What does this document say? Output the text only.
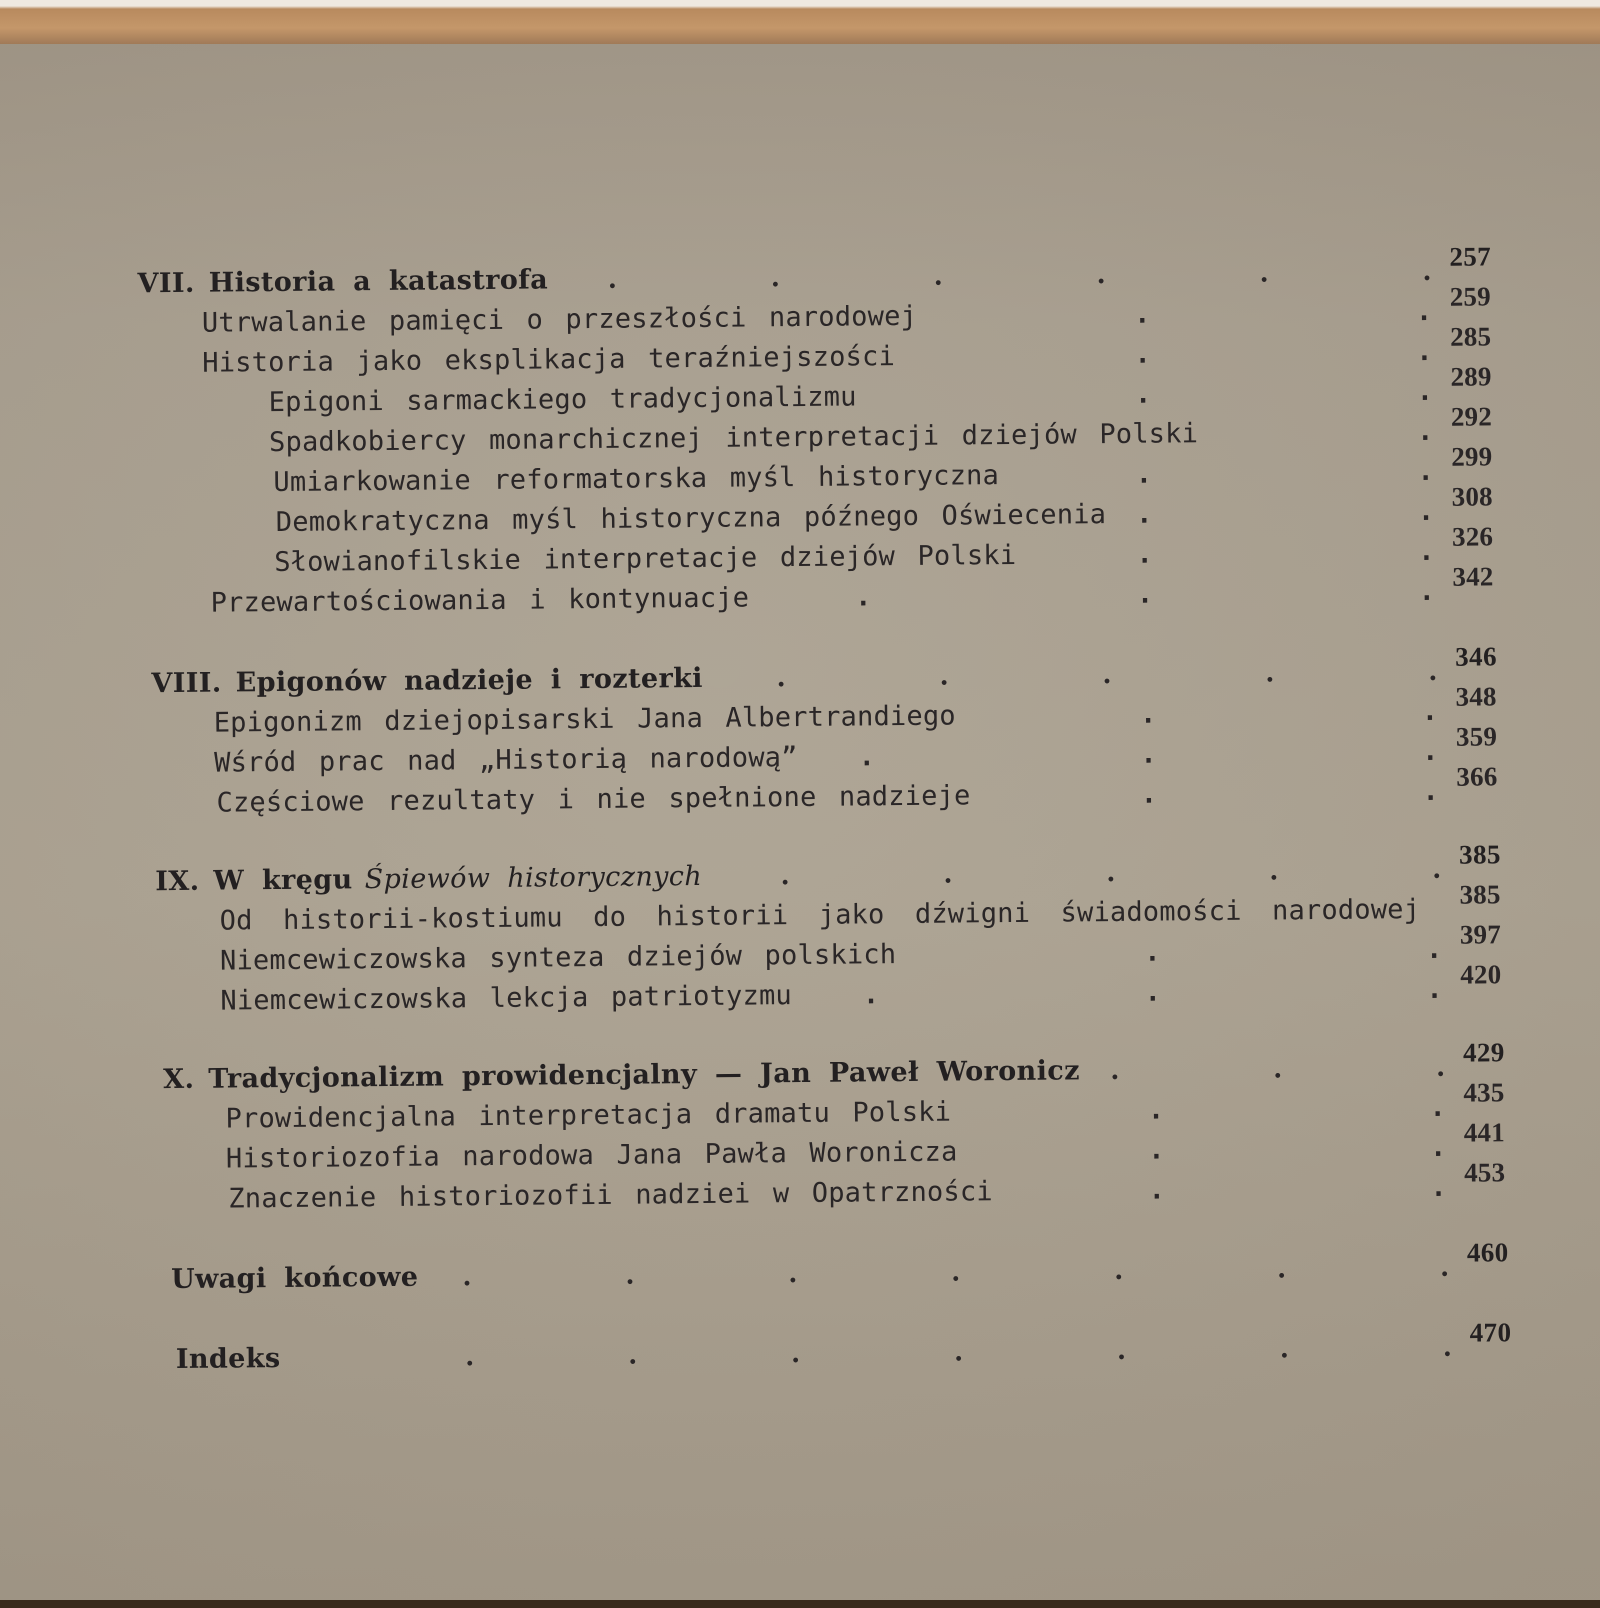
VII. Historia a katastrofa
.
257
Utrwalanie pamięci o przeszłości narodowej
.
259
Historia jako eksplikacja teraźniejszości
.
285
Epigoni sarmackiego tradycjonalizmu
.
289
Spadkobiercy monarchicznej interpretacji dziejów Polski
.
292
Umiarkowanie reformatorska myśl historyczna
.
299
Demokratyczna myśl historyczna późnego Oświecenia
.
308
Słowianofilskie interpretacje dziejów Polski
.
326
Przewartościowania i kontynuacje
.
342
VIII. Epigonów nadzieje i rozterki
.
346
Epigonizm dziejopisarski Jana Albertrandiego
.
348
Wśród prac nad „Historią narodową”
.
359
Częściowe rezultaty i nie spełnione nadzieje
.
366
IX. W kręgu Śpiewów historycznych
.
385
Od historii-kostiumu do historii jako dźwigni świadomości narodowej	385
Niemcewiczowska synteza dziejów polskich
.
397
Niemcewiczowska lekcja patriotyzmu
.
420
X. Tradycjonalizm prowidencjalny — Jan Paweł Woronicz
.
429
Prowidencjalna interpretacja dramatu Polski
.
435
Historiozofia narodowa Jana Pawła Woronicza
.
441
Znaczenie historiozofii nadziei w Opatrzności
.
453
Uwagi końcowe
.
460
Indeks
.
470
